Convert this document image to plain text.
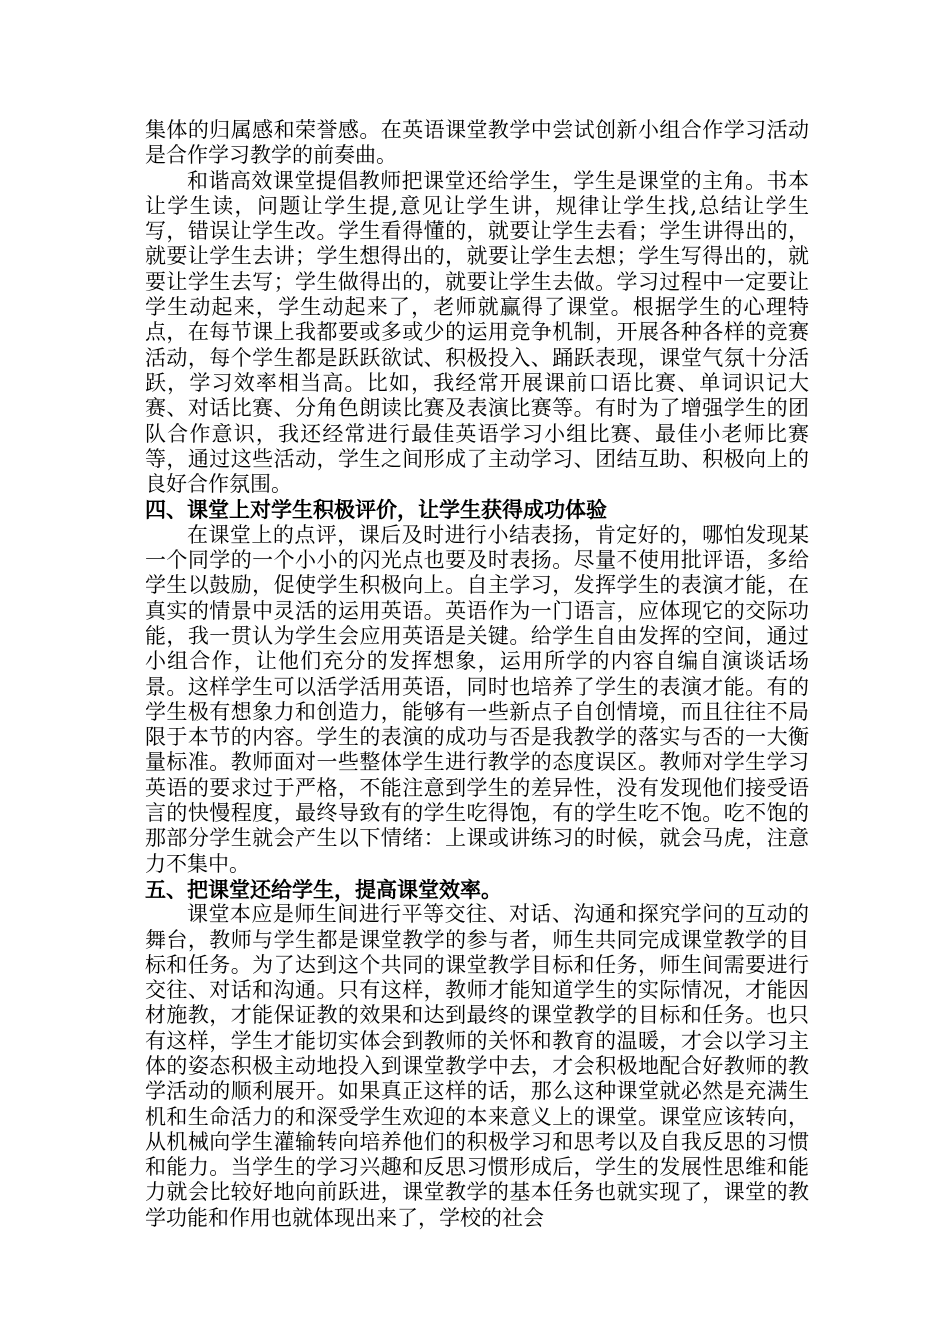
集体的归属感和荣誉感。在英语课堂教学中尝试创新小组合作学习活动是合作学习教学的前奏曲。

和谐高效课堂提倡教师把课堂还给学生，学生是课堂的主角。书本让学生读，问题让学生提,意见让学生讲，规律让学生找,总结让学生写，错误让学生改。学生看得懂的，就要让学生去看；学生讲得出的，就要让学生去讲；学生想得出的，就要让学生去想；学生写得出的，就要让学生去写；学生做得出的，就要让学生去做。学习过程中一定要让学生动起来，学生动起来了，老师就赢得了课堂。根据学生的心理特点，在每节课上我都要或多或少的运用竞争机制，开展各种各样的竞赛活动，每个学生都是跃跃欲试、积极投入、踊跃表现，课堂气氛十分活跃，学习效率相当高。比如，我经常开展课前口语比赛、单词识记大赛、对话比赛、分角色朗读比赛及表演比赛等。有时为了增强学生的团队合作意识，我还经常进行最佳英语学习小组比赛、最佳小老师比赛等，通过这些活动，学生之间形成了主动学习、团结互助、积极向上的良好合作氛围。

四、课堂上对学生积极评价，让学生获得成功体验

在课堂上的点评，课后及时进行小结表扬，肯定好的，哪怕发现某一个同学的一个小小的闪光点也要及时表扬。尽量不使用批评语，多给学生以鼓励，促使学生积极向上。自主学习，发挥学生的表演才能，在真实的情景中灵活的运用英语。英语作为一门语言，应体现它的交际功能，我一贯认为学生会应用英语是关键。给学生自由发挥的空间，通过小组合作，让他们充分的发挥想象，运用所学的内容自编自演谈话场景。这样学生可以活学活用英语，同时也培养了学生的表演才能。有的学生极有想象力和创造力，能够有一些新点子自创情境，而且往往不局限于本节的内容。学生的表演的成功与否是我教学的落实与否的一大衡量标准。教师面对一些整体学生进行教学的态度误区。教师对学生学习英语的要求过于严格，不能注意到学生的差异性，没有发现他们接受语言的快慢程度，最终导致有的学生吃得饱，有的学生吃不饱。吃不饱的那部分学生就会产生以下情绪：上课或讲练习的时候，就会马虎，注意力不集中。

五、把课堂还给学生，提高课堂效率。

课堂本应是师生间进行平等交往、对话、沟通和探究学问的互动的舞台，教师与学生都是课堂教学的参与者，师生共同完成课堂教学的目标和任务。为了达到这个共同的课堂教学目标和任务，师生间需要进行交往、对话和沟通。只有这样，教师才能知道学生的实际情况，才能因材施教，才能保证教的效果和达到最终的课堂教学的目标和任务。也只有这样，学生才能切实体会到教师的关怀和教育的温暖，才会以学习主体的姿态积极主动地投入到课堂教学中去，才会积极地配合好教师的教学活动的顺利展开。如果真正这样的话，那么这种课堂就必然是充满生机和生命活力的和深受学生欢迎的本来意义上的课堂。课堂应该转向，从机械向学生灌输转向培养他们的积极学习和思考以及自我反思的习惯和能力。当学生的学习兴趣和反思习惯形成后，学生的发展性思维和能力就会比较好地向前跃进，课堂教学的基本任务也就实现了，课堂的教学功能和作用也就体现出来了，学校的社会
